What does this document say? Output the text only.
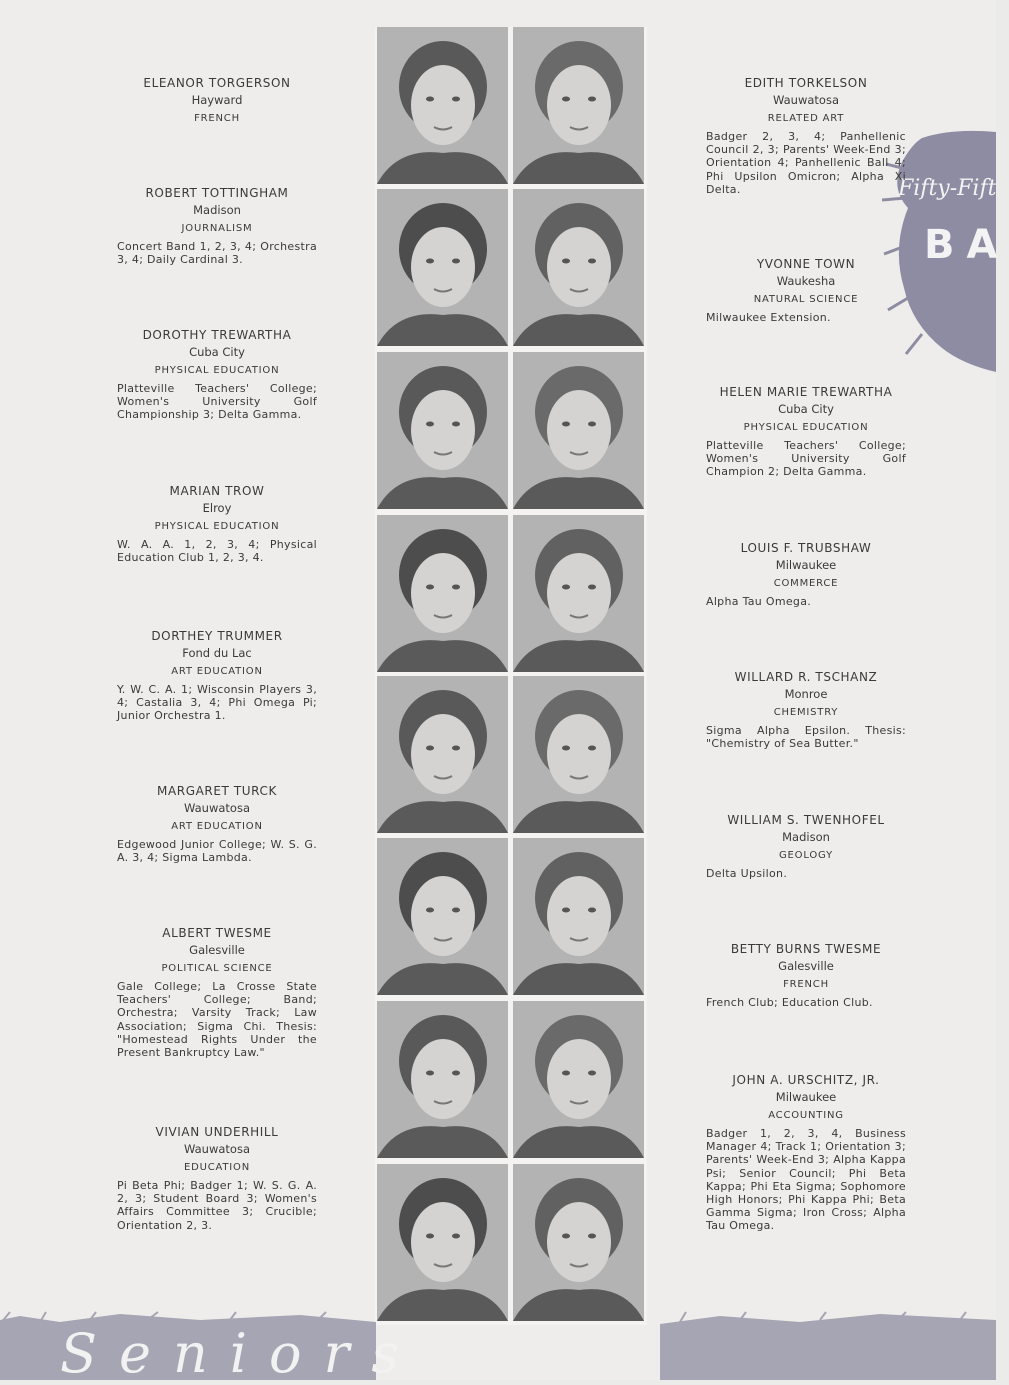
Fifty-Fift
BA
ELEANOR TORGERSON
Hayward
FRENCH
ROBERT TOTTINGHAM
Madison
JOURNALISM
Concert Band 1, 2, 3, 4; Orchestra 3, 4; Daily Cardinal 3.
DOROTHY TREWARTHA
Cuba City
PHYSICAL EDUCATION
Platteville Teachers' College; Women's University Golf Championship 3; Delta Gamma.
MARIAN TROW
Elroy
PHYSICAL EDUCATION
W. A. A. 1, 2, 3, 4; Physical Education Club 1, 2, 3, 4.
DORTHEY TRUMMER
Fond du Lac
ART EDUCATION
Y. W. C. A. 1; Wisconsin Players 3, 4; Castalia 3, 4; Phi Omega Pi; Junior Orchestra 1.
MARGARET TURCK
Wauwatosa
ART EDUCATION
Edgewood Junior College; W. S. G. A. 3, 4; Sigma Lambda.
ALBERT TWESME
Galesville
POLITICAL SCIENCE
Gale College; La Crosse State Teachers' College; Band; Orchestra; Varsity Track; Law Association; Sigma Chi. Thesis: "Homestead Rights Under the Present Bankruptcy Law."
VIVIAN UNDERHILL
Wauwatosa
EDUCATION
Pi Beta Phi; Badger 1; W. S. G. A. 2, 3; Student Board 3; Women's Affairs Committee 3; Crucible; Orientation 2, 3.
EDITH TORKELSON
Wauwatosa
RELATED ART
Badger 2, 3, 4; Panhellenic Council 2, 3; Parents' Week-End 3; Orientation 4; Panhellenic Ball 4; Phi Upsilon Omicron; Alpha Xi Delta.
YVONNE TOWN
Waukesha
NATURAL SCIENCE
Milwaukee Extension.
HELEN MARIE TREWARTHA
Cuba City
PHYSICAL EDUCATION
Platteville Teachers' College; Women's University Golf Champion 2; Delta Gamma.
LOUIS F. TRUBSHAW
Milwaukee
COMMERCE
Alpha Tau Omega.
WILLARD R. TSCHANZ
Monroe
CHEMISTRY
Sigma Alpha Epsilon. Thesis: "Chemistry of Sea Butter."
WILLIAM S. TWENHOFEL
Madison
GEOLOGY
Delta Upsilon.
BETTY BURNS TWESME
Galesville
FRENCH
French Club; Education Club.
JOHN A. URSCHITZ, JR.
Milwaukee
ACCOUNTING
Badger 1, 2, 3, 4, Business Manager 4; Track 1; Orientation 3; Parents' Week-End 3; Alpha Kappa Psi; Senior Council; Phi Beta Kappa; Phi Eta Sigma; Sophomore High Honors; Phi Kappa Phi; Beta Gamma Sigma; Iron Cross; Alpha Tau Omega.
Seniors
